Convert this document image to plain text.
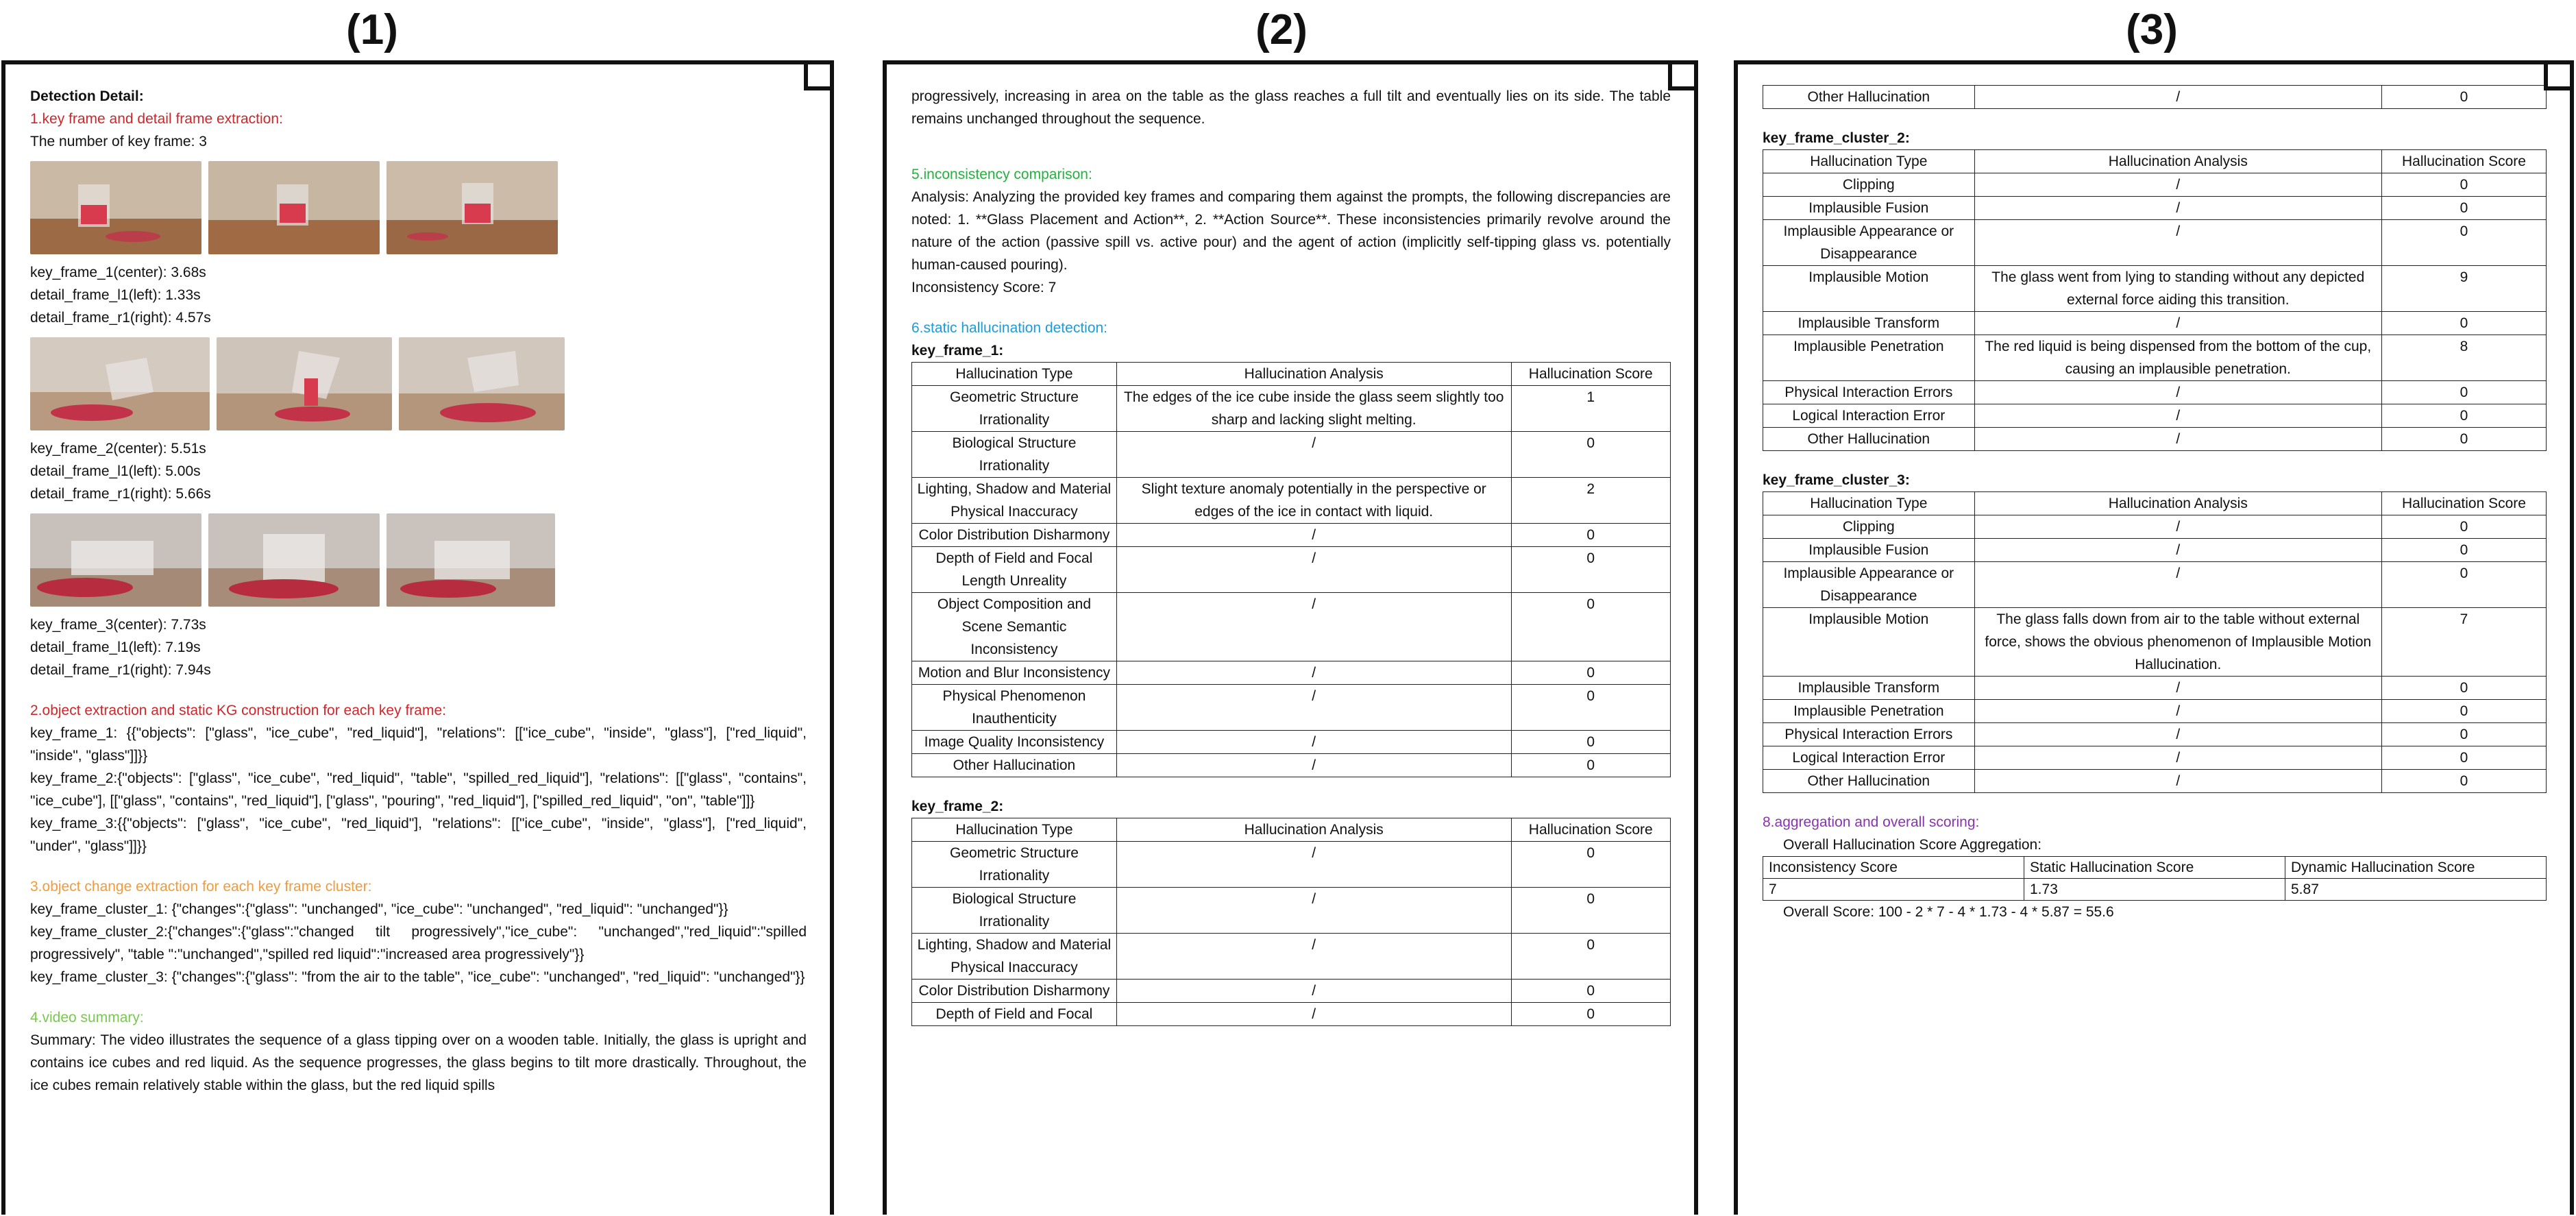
(1)	(2)	(3)
Detection Detail:
1.key frame and detail frame extraction:
The number of key frame: 3
key_frame_1(center): 3.68s
detail_frame_l1(left): 1.33s
detail_frame_r1(right): 4.57s
key_frame_2(center): 5.51s
detail_frame_l1(left): 5.00s
detail_frame_r1(right): 5.66s
key_frame_3(center): 7.73s
detail_frame_l1(left): 7.19s
detail_frame_r1(right): 7.94s
2.object extraction and static KG construction for each key frame:
key_frame_1: {{"objects": ["glass", "ice_cube", "red_liquid"], "relations": [["ice_cube", "inside", "glass"], ["red_liquid", "inside", "glass"]]}}
key_frame_2:{"objects": ["glass", "ice_cube", "red_liquid", "table", "spilled_red_liquid"], "relations": [["glass", "contains", "ice_cube"], [["glass", "contains", "red_liquid"], ["glass", "pouring", "red_liquid"], ["spilled_red_liquid", "on", "table"]]}
key_frame_3:{{"objects": ["glass", "ice_cube", "red_liquid"], "relations": [["ice_cube", "inside", "glass"], ["red_liquid", "under", "glass"]]}}
3.object change extraction for each key frame cluster:
key_frame_cluster_1: {"changes":{"glass": "unchanged", "ice_cube": "unchanged", "red_liquid": "unchanged"}}
key_frame_cluster_2:{"changes":{"glass":"changed tilt progressively","ice_cube": "unchanged","red_liquid":"spilled progressively", "table ":"unchanged","spilled red liquid":"increased area progressively"}}
key_frame_cluster_3: {"changes":{"glass": "from the air to the table", "ice_cube": "unchanged", "red_liquid": "unchanged"}}
4.video summary:
Summary: The video illustrates the sequence of a glass tipping over on a wooden table. Initially, the glass is upright and contains ice cubes and red liquid. As the sequence progresses, the glass begins to tilt more drastically. Throughout, the ice cubes remain relatively stable within the glass, but the red liquid spills
progressively, increasing in area on the table as the glass reaches a full tilt and eventually lies on its side. The table remains unchanged throughout the sequence.
5.inconsistency comparison:
Analysis: Analyzing the provided key frames and comparing them against the prompts, the following discrepancies are noted: 1. **Glass Placement and Action**, 2. **Action Source**. These inconsistencies primarily revolve around the nature of the action (passive spill vs. active pour) and the agent of action (implicitly self-tipping glass vs. potentially human-caused pouring).
Inconsistency Score: 7
6.static hallucination detection:
key_frame_1:
Hallucination Type	Hallucination Analysis	Hallucination Score
Geometric Structure Irrationality	The edges of the ice cube inside the glass seem slightly too sharp and lacking slight melting.	1
Biological Structure Irrationality	/	0
Lighting, Shadow and Material Physical Inaccuracy	Slight texture anomaly potentially in the perspective or edges of the ice in contact with liquid.	2
Color Distribution Disharmony	/	0
Depth of Field and Focal Length Unreality	/	0
Object Composition and Scene Semantic Inconsistency	/	0
Motion and Blur Inconsistency	/	0
Physical Phenomenon Inauthenticity	/	0
Image Quality Inconsistency	/	0
Other Hallucination	/	0
key_frame_2:
Hallucination Type	Hallucination Analysis	Hallucination Score
Geometric Structure Irrationality	/	0
Biological Structure Irrationality	/	0
Lighting, Shadow and Material Physical Inaccuracy	/	0
Color Distribution Disharmony	/	0
Depth of Field and Focal	/	0
Other Hallucination	/	0
key_frame_cluster_2:
Hallucination Type	Hallucination Analysis	Hallucination Score
Clipping	/	0
Implausible Fusion	/	0
Implausible Appearance or Disappearance	/	0
Implausible Motion	The glass went from lying to standing without any depicted external force aiding this transition.	9
Implausible Transform	/	0
Implausible Penetration	The red liquid is being dispensed from the bottom of the cup, causing an implausible penetration.	8
Physical Interaction Errors	/	0
Logical Interaction Error	/	0
Other Hallucination	/	0
key_frame_cluster_3:
Hallucination Type	Hallucination Analysis	Hallucination Score
Clipping	/	0
Implausible Fusion	/	0
Implausible Appearance or Disappearance	/	0
Implausible Motion	The glass falls down from air to the table without external force, shows the obvious phenomenon of Implausible Motion Hallucination.	7
Implausible Transform	/	0
Implausible Penetration	/	0
Physical Interaction Errors	/	0
Logical Interaction Error	/	0
Other Hallucination	/	0
8.aggregation and overall scoring:
Overall Hallucination Score Aggregation:
Inconsistency Score	Static Hallucination Score	Dynamic Hallucination Score
7	1.73	5.87
Overall Score: 100 - 2 * 7 - 4 * 1.73 - 4 * 5.87 = 55.6
